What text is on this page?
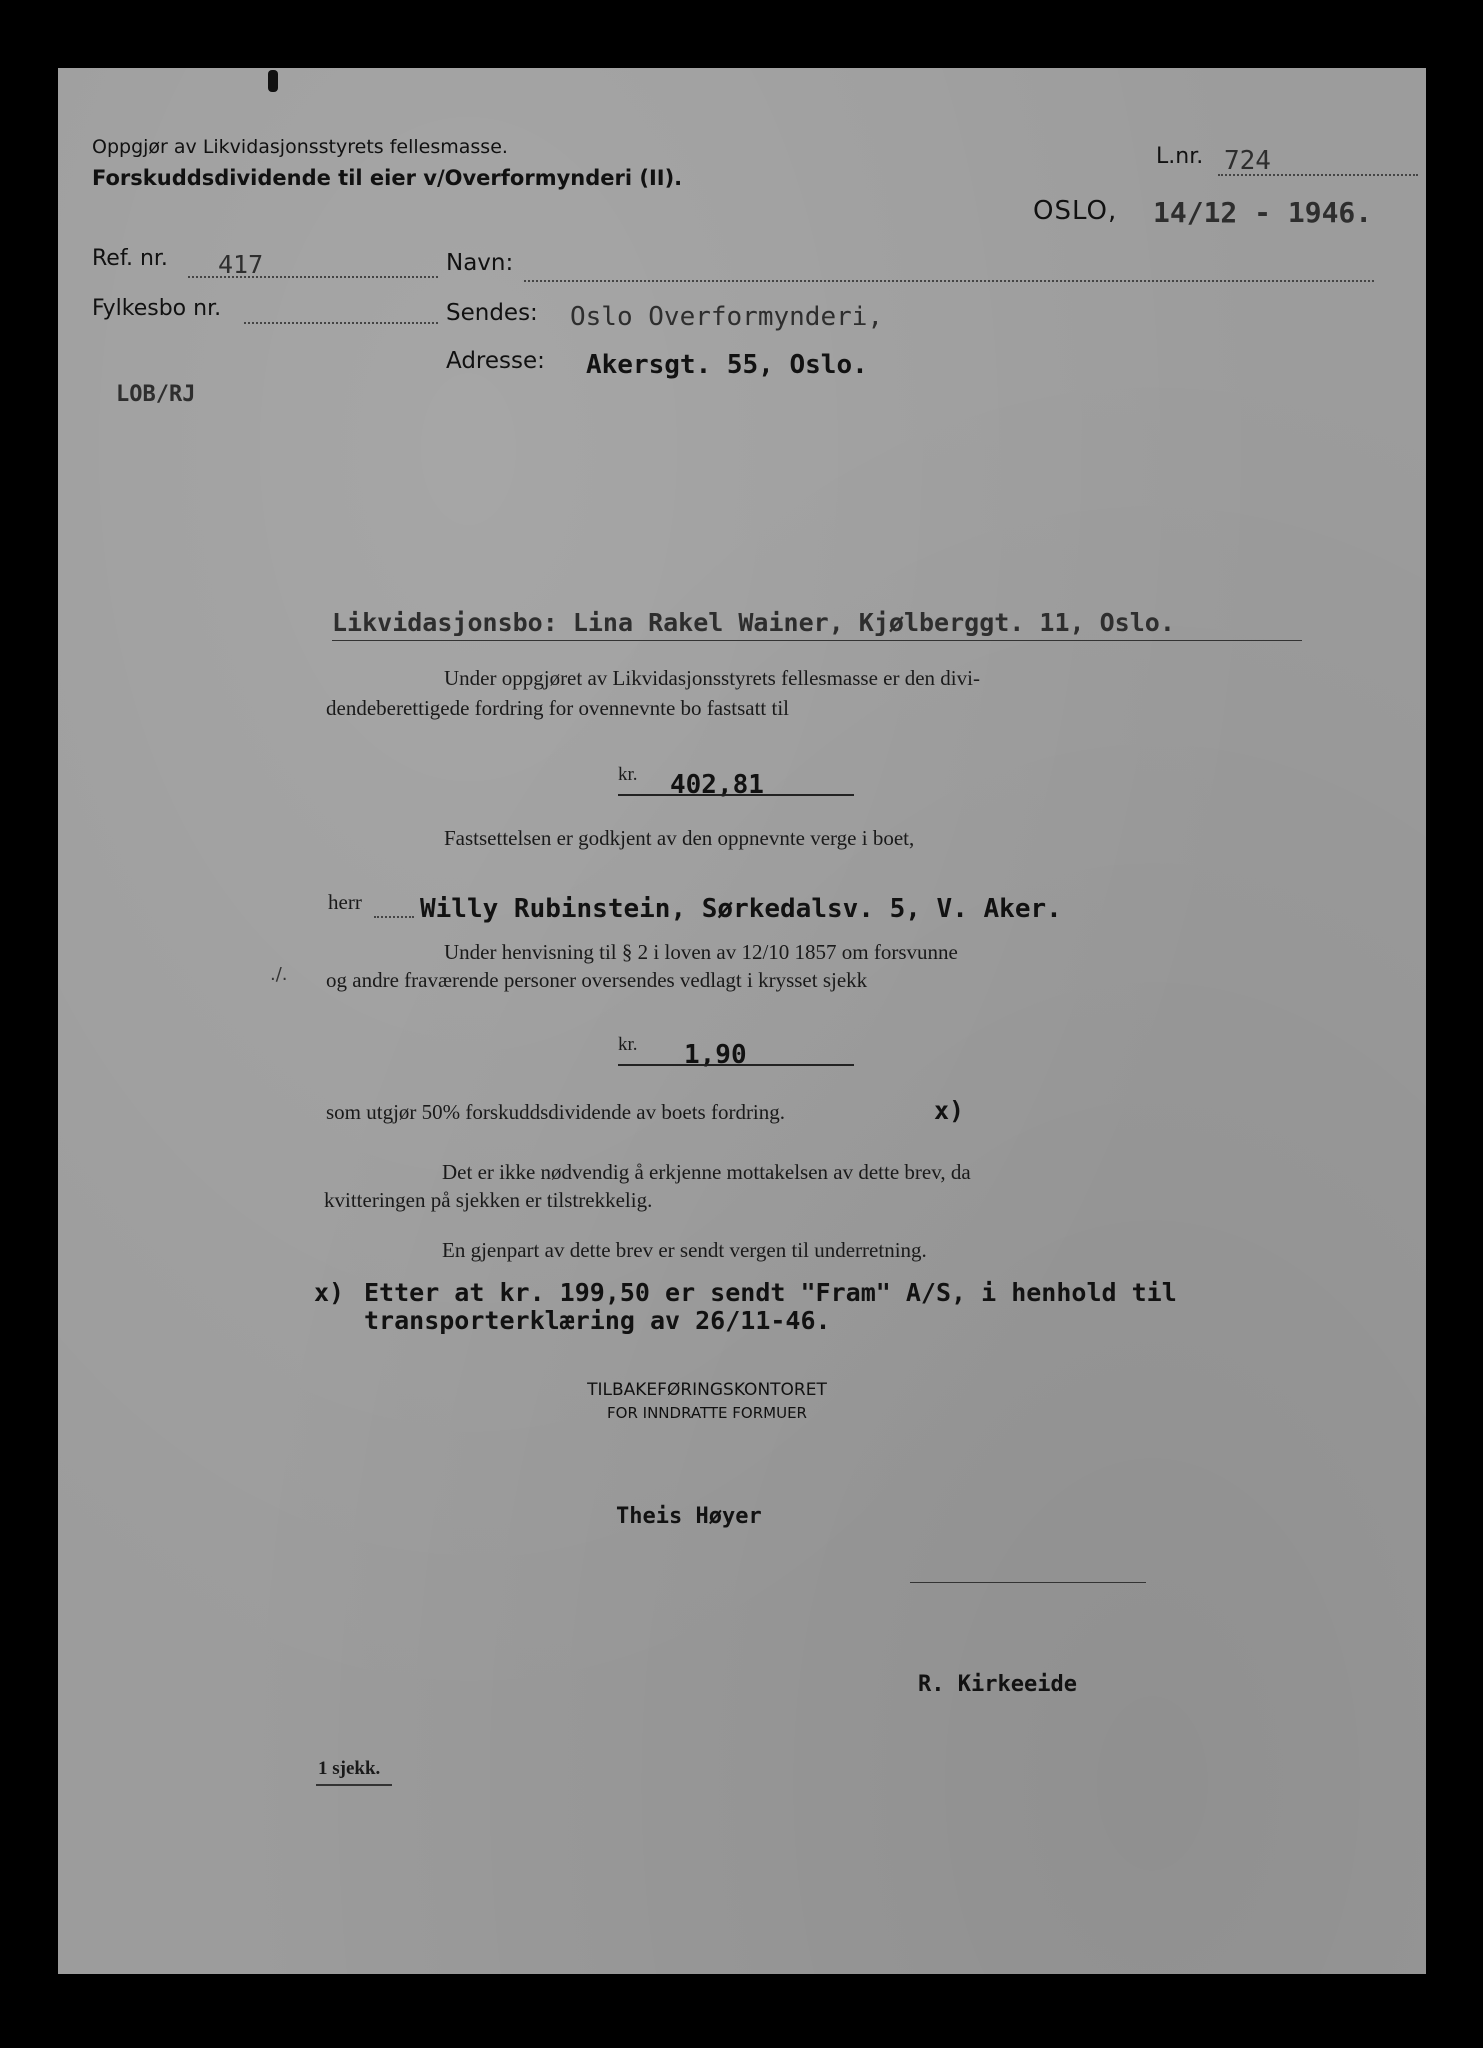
Oppgjør av Likvidasjonsstyrets fellesmasse.
Forskuddsdividende til eier v/Overformynderi (II).
L.nr. 724
OSLO, 14/12 - 1946.
Ref. nr. 417
Fylkesbo nr.
LOB/RJ
Navn:
Sendes: Oslo Overformynderi,
Adresse: Akersgt. 55, Oslo.
Likvidasjonsbo: Lina Rakel Wainer, Kjølberggt. 11, Oslo.
Under oppgjøret av Likvidasjonsstyrets fellesmasse er den divi-
dendeberettigede fordring for ovennevnte bo fastsatt til
kr. 402,81
Fastsettelsen er godkjent av den oppnevnte verge i boet,
herr Willy Rubinstein, Sørkedalsv. 5, V. Aker.
Under henvisning til § 2 i loven av 12/10 1857 om forsvunne
./. og andre fraværende personer oversendes vedlagt i krysset sjekk
kr. 1,90
som utgjør 50% forskuddsdividende av boets fordring.	x)
Det er ikke nødvendig å erkjenne mottakelsen av dette brev, da
kvitteringen på sjekken er tilstrekkelig.
En gjenpart av dette brev er sendt vergen til underretning.
x) Etter at kr. 199,50 er sendt "Fram" A/S, i henhold til
transporterklæring av 26/11-46.
TILBAKEFØRINGSKONTORET
FOR INNDRATTE FORMUER
Theis Høyer
R. Kirkeeide
1 sjekk.
